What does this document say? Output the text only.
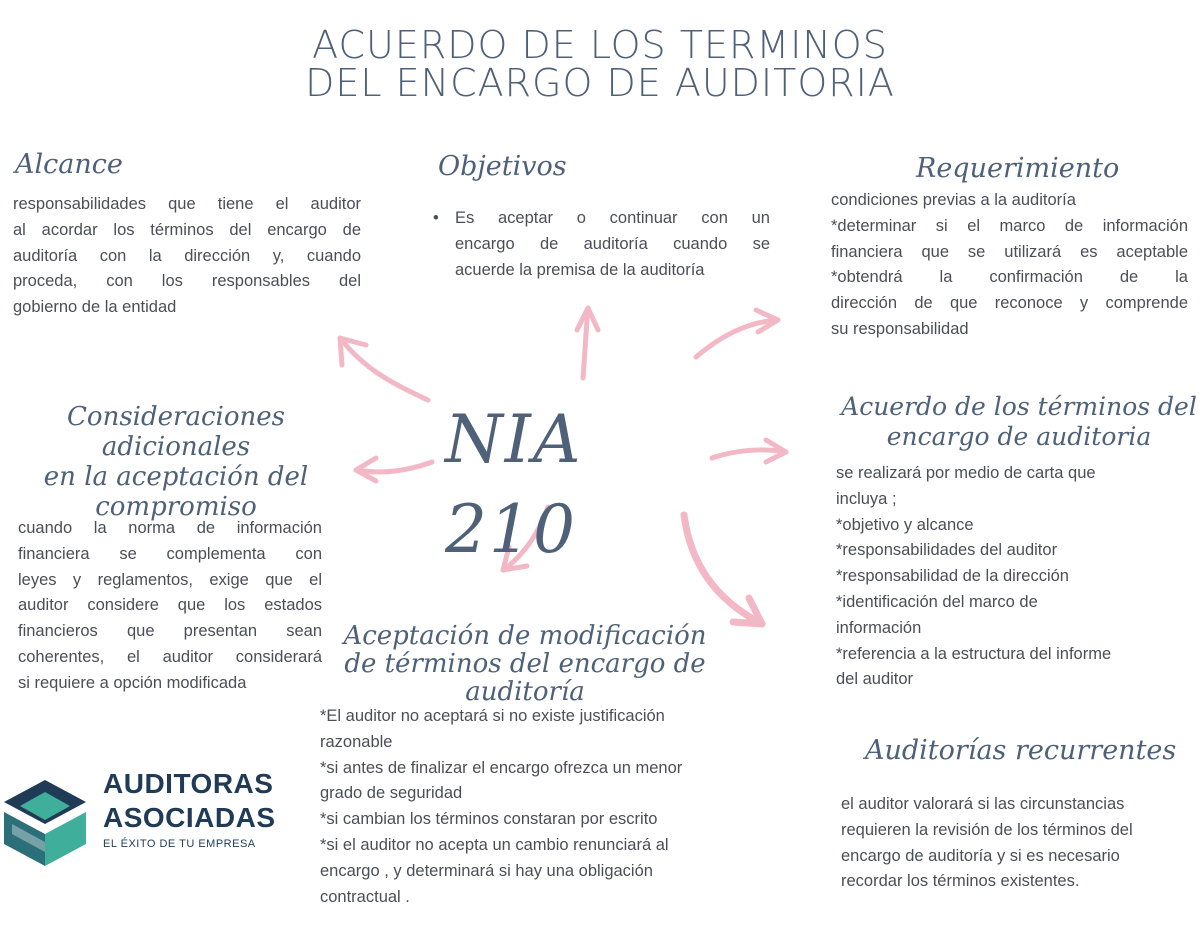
ACUERDO DE LOS TERMINOS
DEL ENCARGO DE AUDITORIA
NIA 210
Alcance
responsabilidades que tiene el auditor
al acordar los términos del encargo de
auditoría con la dirección y, cuando
proceda, con los responsables del
gobierno de la entidad
Objetivos
• Es aceptar o continuar con un
encargo de auditoría cuando se
acuerde la premisa de la auditoría
Requerimiento
condiciones previas a la auditoría
*determinar si el marco de información
financiera que se utilizará es aceptable
*obtendrá la confirmación de la
dirección de que reconoce y comprende
su responsabilidad
Consideraciones adicionales
en la aceptación del
compromiso
cuando la norma de información
financiera se complementa con
leyes y reglamentos, exige que el
auditor considere que los estados
financieros que presentan sean
coherentes, el auditor considerará
si requiere a opción modificada
Acuerdo de los términos del
encargo de auditoria
se realizará por medio de carta que
incluya ;
*objetivo y alcance
*responsabilidades del auditor
*responsabilidad de la dirección
*identificación del marco de
información
*referencia a la estructura del informe
del auditor
Aceptación de modificación
de términos del encargo de
auditoría
*El auditor no aceptará si no existe justificación
razonable
*si antes de finalizar el encargo ofrezca un menor
grado de seguridad
*si cambian los términos constaran por escrito
*si el auditor no acepta un cambio renunciará al
encargo , y determinará si hay una obligación
contractual .
Auditorías recurrentes
el auditor valorará si las circunstancias
requieren la revisión de los términos del
encargo de auditoría y si es necesario
recordar los términos existentes.
AUDITORAS
ASOCIADAS
EL ÉXITO DE TU EMPRESA
